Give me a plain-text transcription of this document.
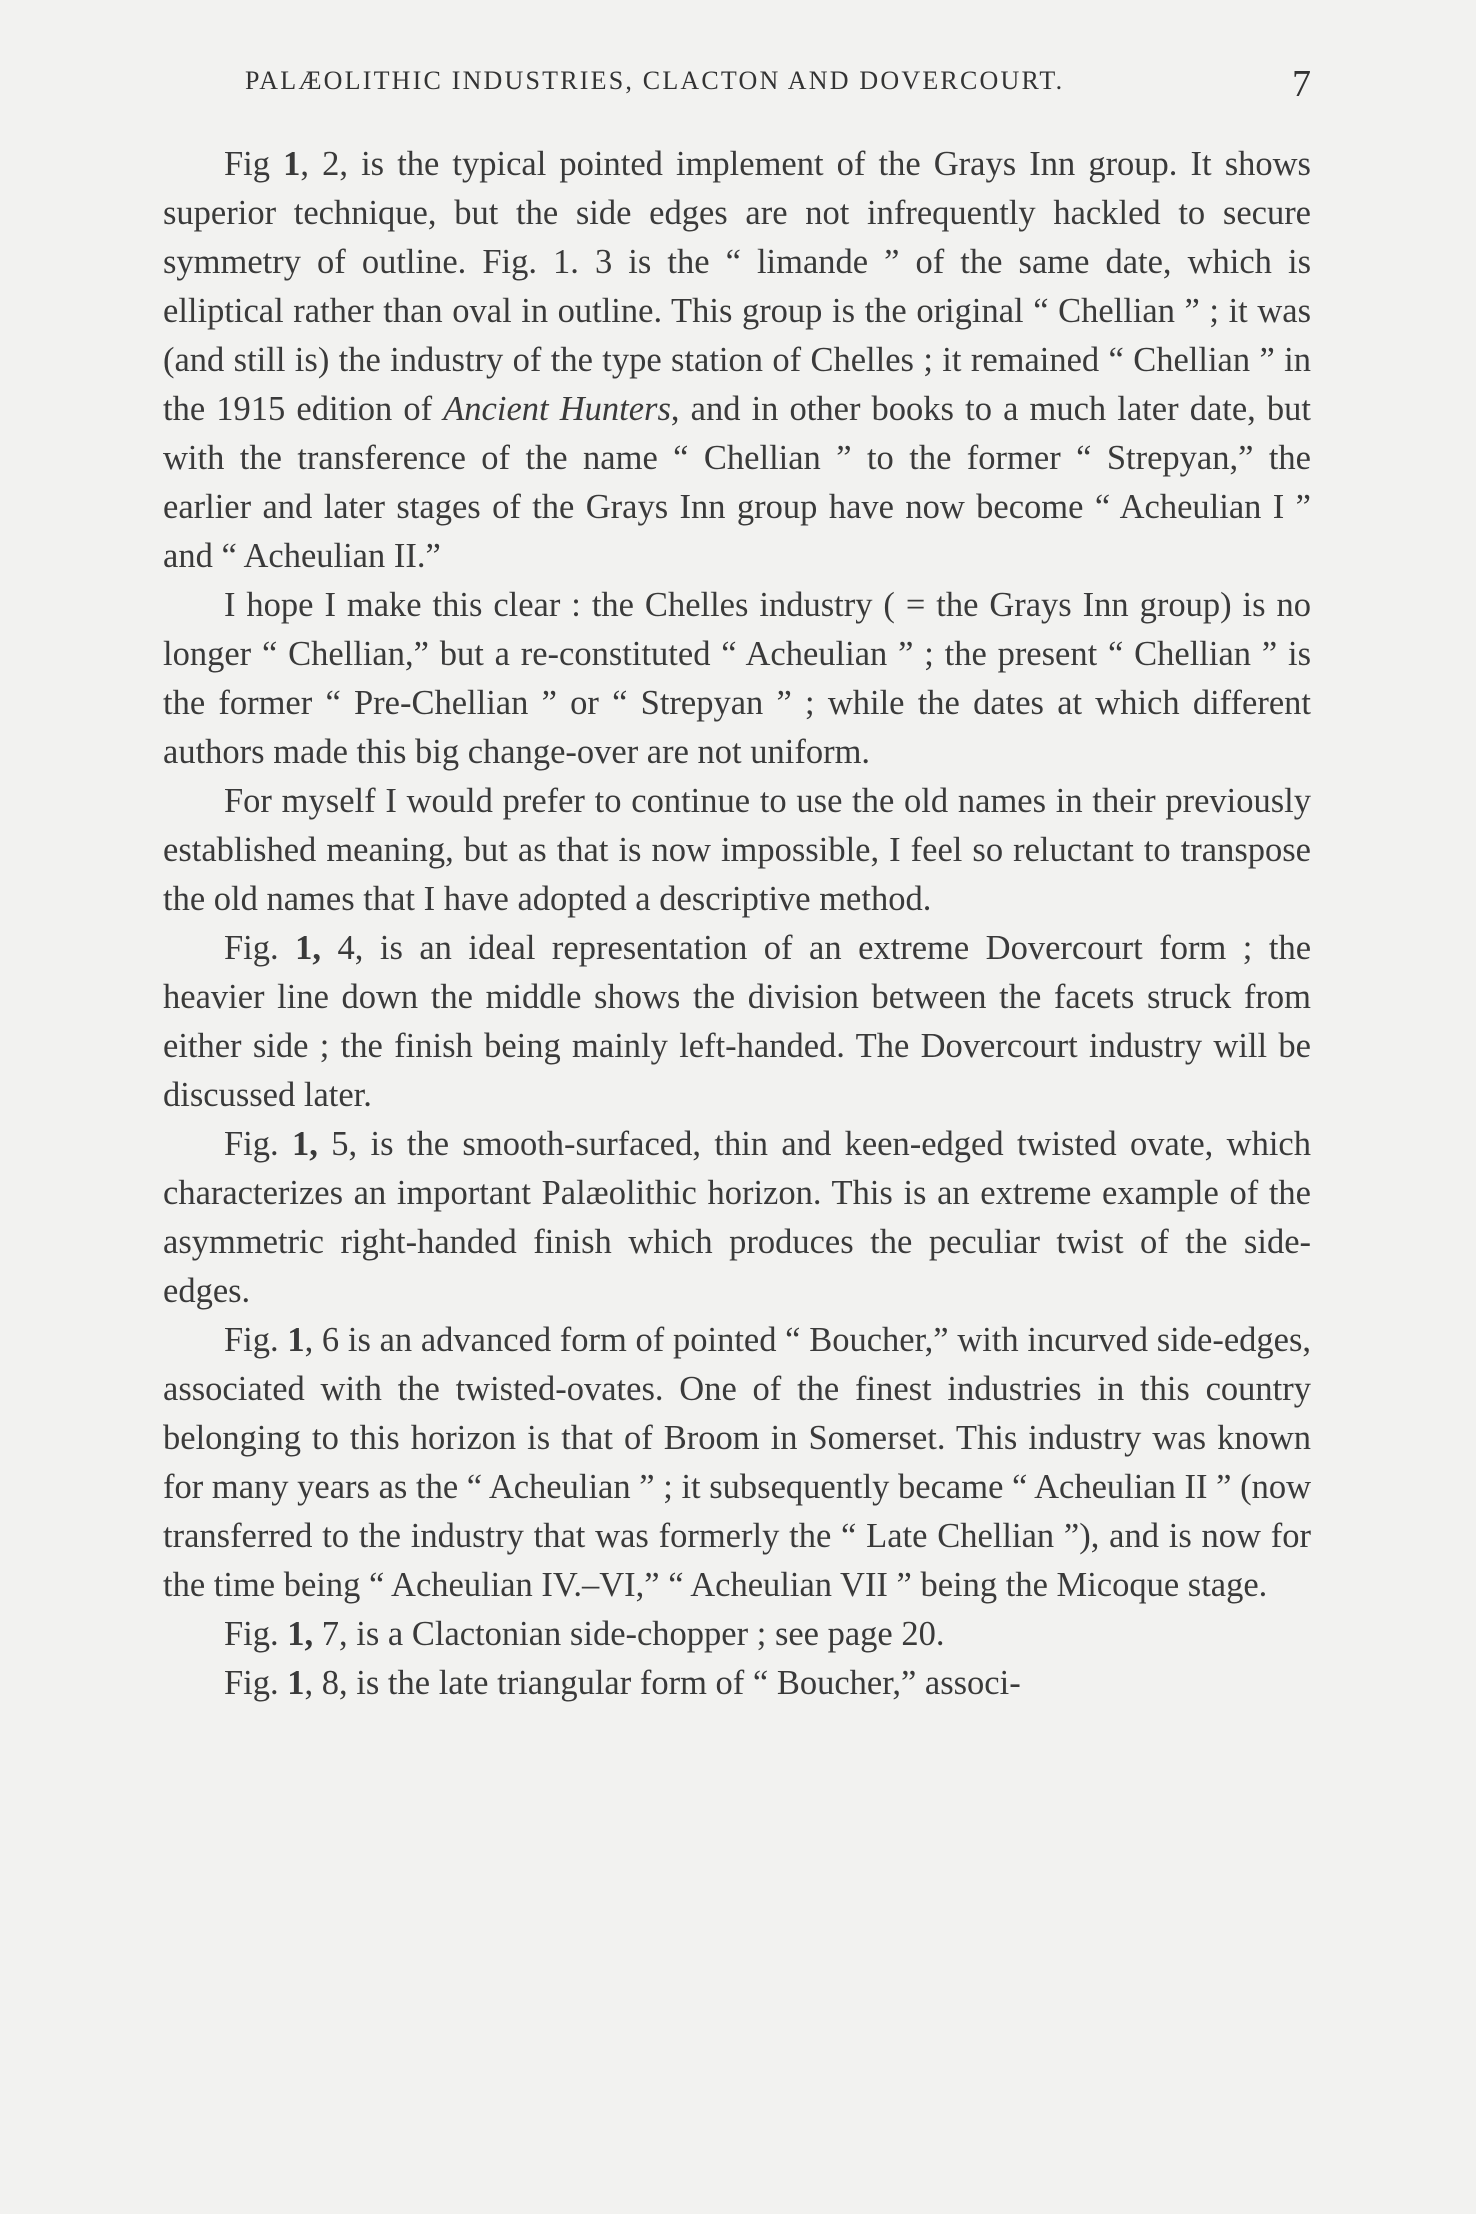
PALÆOLITHIC INDUSTRIES, CLACTON AND DOVERCOURT.	7

Fig 1, 2, is the typical pointed implement of the Grays Inn group. It shows superior technique, but the side edges are not infrequently hackled to secure symmetry of outline. Fig. 1. 3 is the “ limande ” of the same date, which is elliptical rather than oval in outline. This group is the original “ Chellian ” ; it was (and still is) the industry of the type station of Chelles ; it remained “ Chellian ” in the 1915 edition of Ancient Hunters, and in other books to a much later date, but with the transference of the name “ Chellian ” to the former “ Strepyan,” the earlier and later stages of the Grays Inn group have now become “ Acheulian I ” and “ Acheulian II.”

I hope I make this clear : the Chelles industry ( = the Grays Inn group) is no longer “ Chellian,” but a re-constituted “ Acheulian ” ; the present “ Chellian ” is the former “ Pre-Chellian ” or “ Strepyan ” ; while the dates at which different authors made this big change-over are not uniform.

For myself I would prefer to continue to use the old names in their previously established meaning, but as that is now impossible, I feel so reluctant to transpose the old names that I have adopted a descriptive method.

Fig. 1, 4, is an ideal representation of an extreme Dovercourt form ; the heavier line down the middle shows the division between the facets struck from either side ; the finish being mainly left-handed. The Dovercourt industry will be discussed later.

Fig. 1, 5, is the smooth-surfaced, thin and keen-edged twisted ovate, which characterizes an important Palæolithic horizon. This is an extreme example of the asymmetric right-handed finish which produces the peculiar twist of the side-edges.

Fig. 1, 6 is an advanced form of pointed “ Boucher,” with incurved side-edges, associated with the twisted-ovates. One of the finest industries in this country belonging to this horizon is that of Broom in Somerset. This industry was known for many years as the “ Acheulian ” ; it subsequently became “ Acheulian II ” (now transferred to the industry that was formerly the “ Late Chellian ”), and is now for the time being “ Acheulian IV.–VI,” “ Acheulian VII ” being the Micoque stage.

Fig. 1, 7, is a Clactonian side-chopper ; see page 20.

Fig. 1, 8, is the late triangular form of “ Boucher,” associ-
